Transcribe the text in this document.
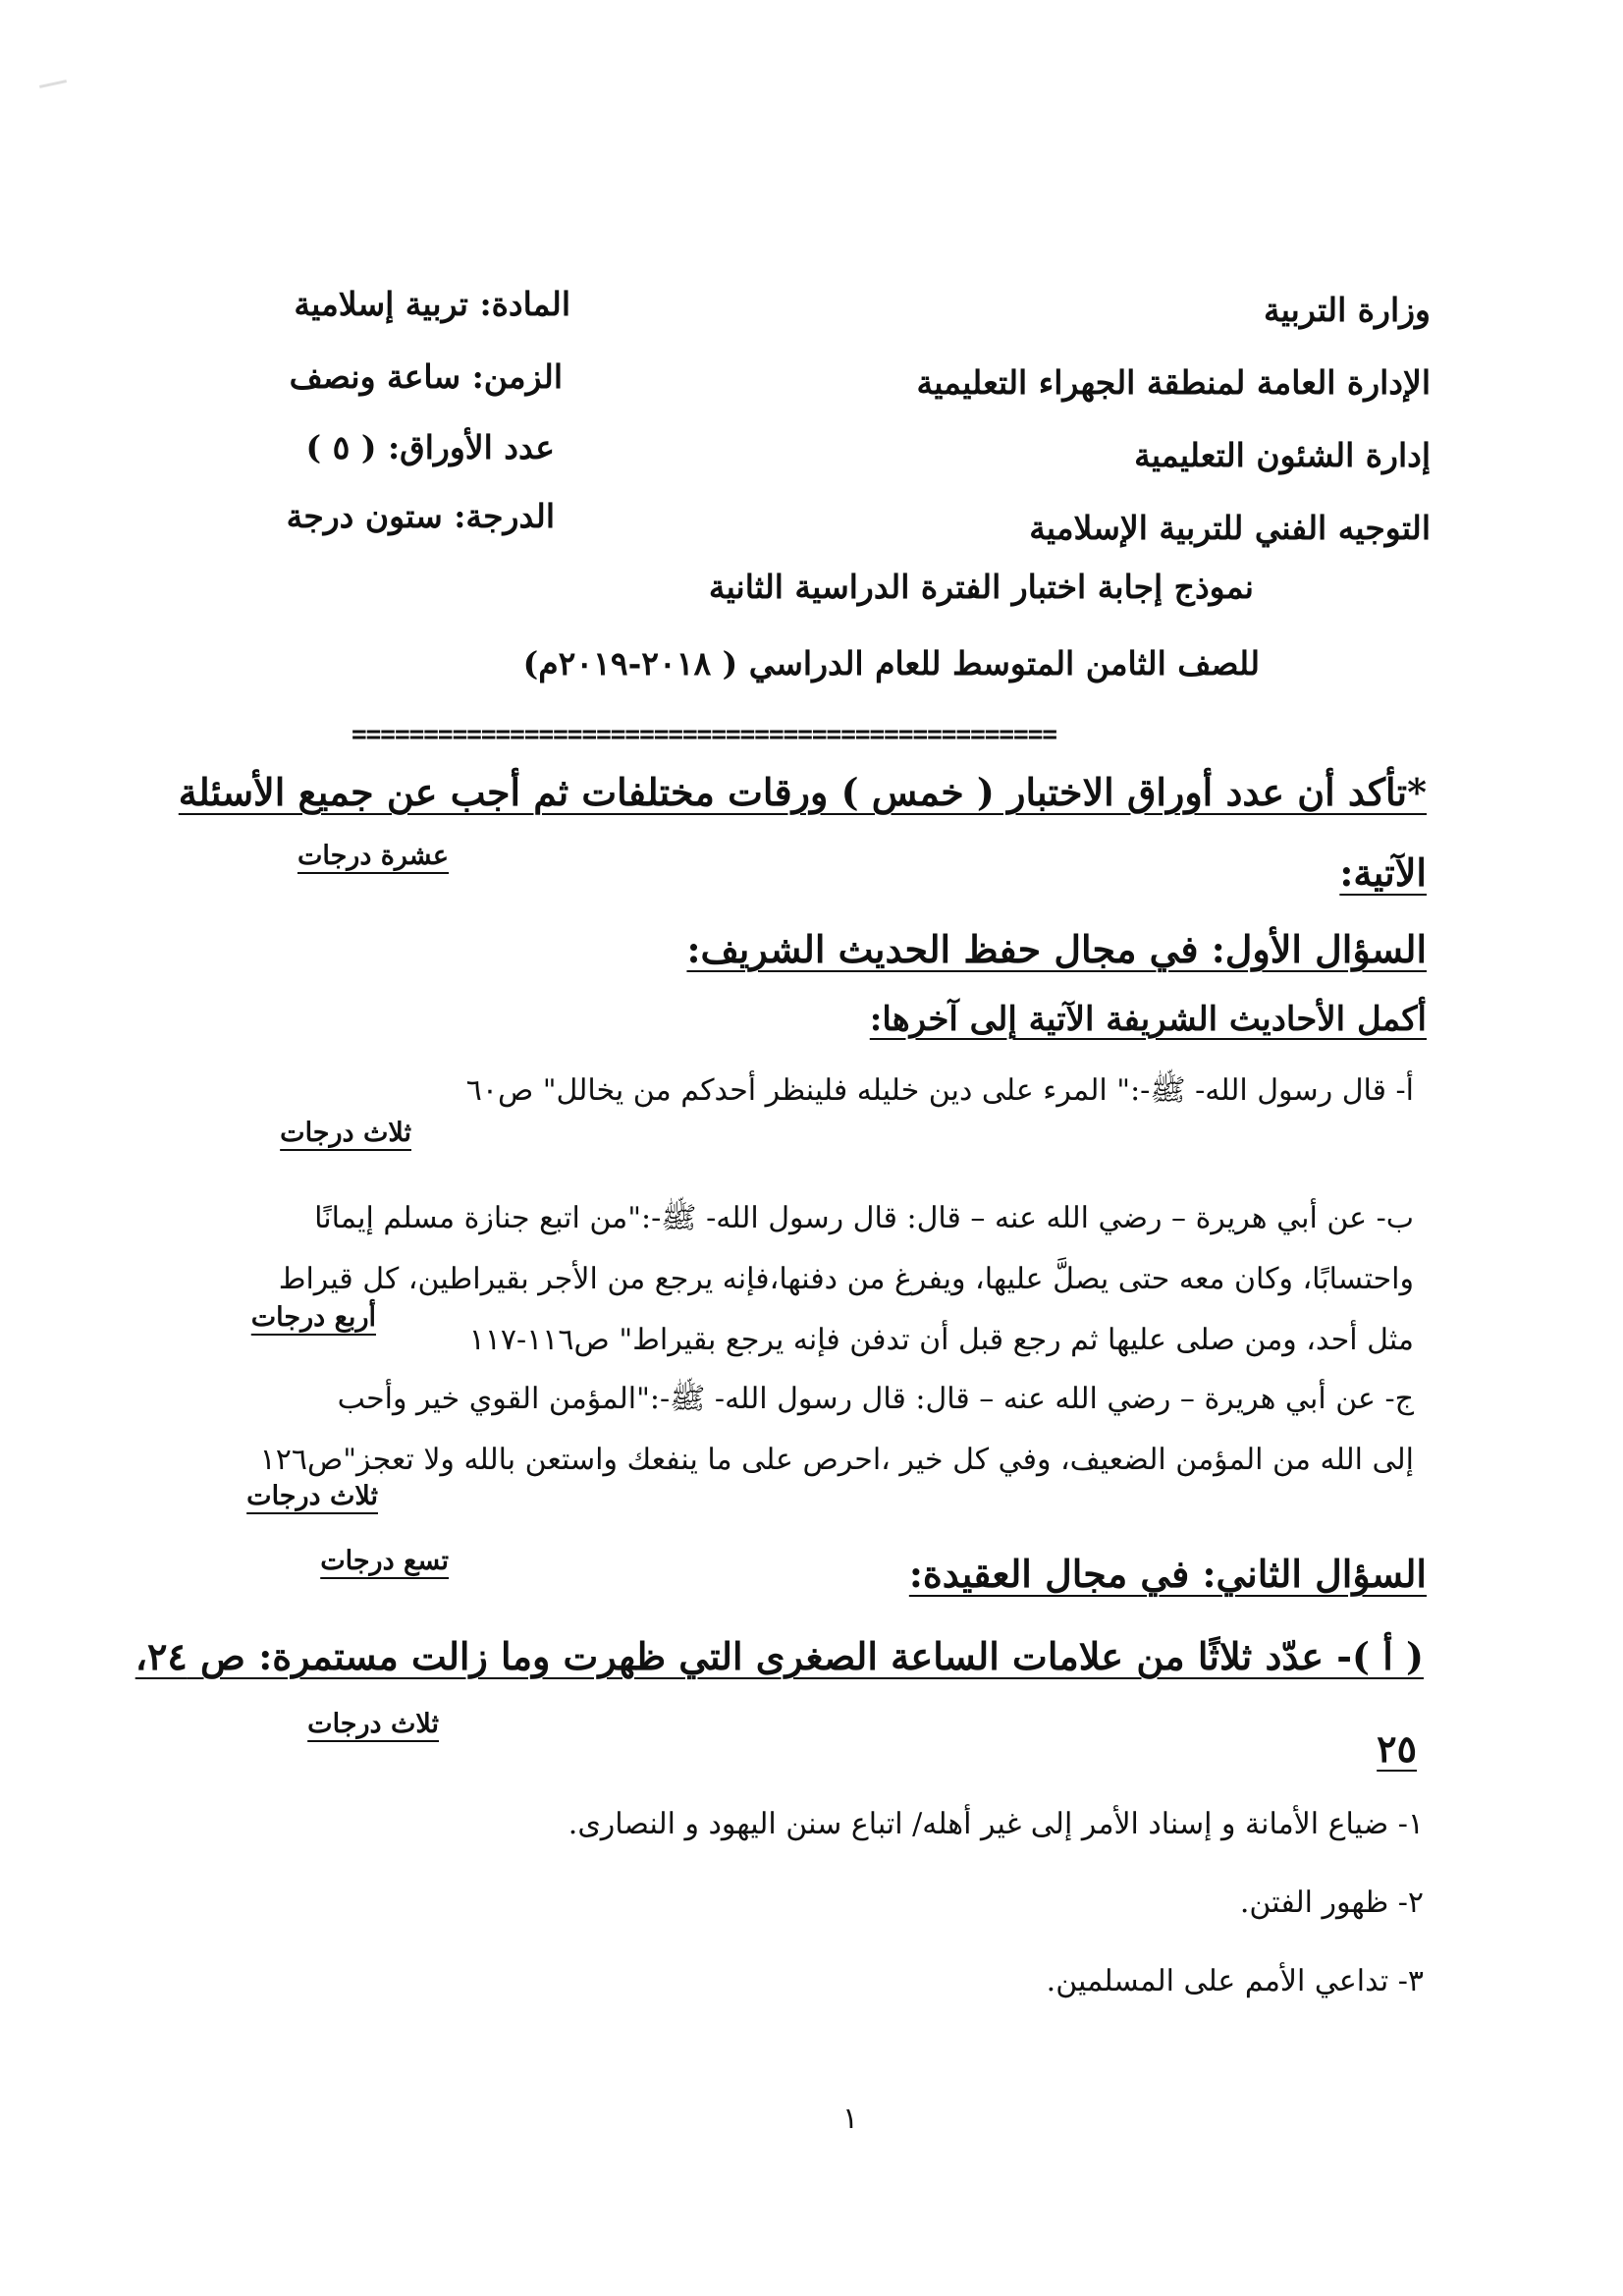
وزارة التربية
الإدارة العامة لمنطقة الجهراء التعليمية
إدارة الشئون التعليمية
التوجيه الفني للتربية الإسلامية
المادة: تربية إسلامية
الزمن: ساعة ونصف
عدد الأوراق: ( ٥ )
الدرجة: ستون درجة
نموذج إجابة اختبار الفترة الدراسية الثانية
للصف الثامن المتوسط للعام الدراسي ( ٢٠١٨-٢٠١٩م)
=================================================
*تأكد أن عدد أوراق الاختبار ( خمس ) ورقات مختلفات ثم أجب عن جميع الأسئلة
الآتية:
عشرة درجات
السؤال الأول: في مجال حفظ الحديث الشريف:
أكمل الأحاديث الشريفة الآتية إلى آخرها:
أ- قال رسول الله- ﷺ-:" المرء على دين خليله فلينظر أحدكم من يخالل" ص٦٠
ثلاث درجات
ب- عن أبي هريرة – رضي الله عنه – قال: قال رسول الله- ﷺ-:"من اتبع جنازة مسلم إيمانًا
واحتسابًا، وكان معه حتى يصلَّ عليها، ويفرغ من دفنها،فإنه يرجع من الأجر بقيراطين، كل قيراط
مثل أحد، ومن صلى عليها ثم رجع قبل أن تدفن فإنه يرجع بقيراط" ص١١٦-١١٧
أربع درجات
ج- عن أبي هريرة – رضي الله عنه – قال: قال رسول الله- ﷺ-:"المؤمن القوي خير وأحب
إلى الله من المؤمن الضعيف، وفي كل خير ،احرص على ما ينفعك واستعن بالله ولا تعجز"ص١٢٦
ثلاث درجات
السؤال الثاني: في مجال العقيدة:
تسع درجات
( أ )- عدّد ثلاثًا من علامات الساعة الصغرى التي ظهرت وما زالت مستمرة: ص ٢٤،
٢٥
ثلاث درجات
١- ضياع الأمانة و إسناد الأمر إلى غير أهله/ اتباع سنن اليهود و النصارى.
٢- ظهور الفتن.
٣- تداعي الأمم على المسلمين.
١
